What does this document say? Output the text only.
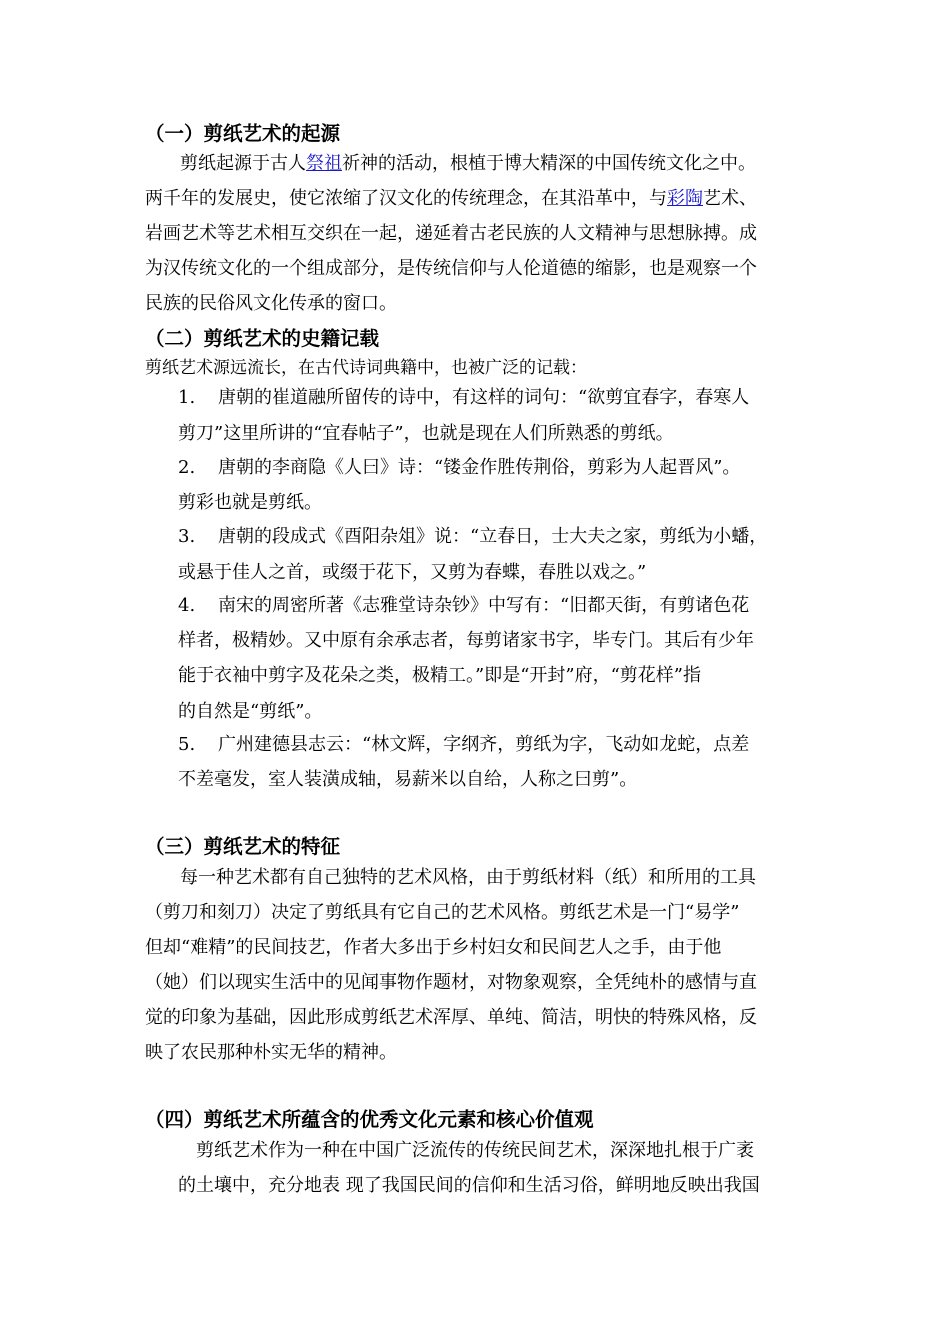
（一）剪纸艺术的起源
剪纸起源于古人祭祖祈神的活动，根植于博大精深的中国传统文化之中。
两千年的发展史，使它浓缩了汉文化的传统理念，在其沿革中，与彩陶艺术、
岩画艺术等艺术相互交织在一起，递延着古老民族的人文精神与思想脉搏。成
为汉传统文化的一个组成部分，是传统信仰与人伦道德的缩影，也是观察一个
民族的民俗风文化传承的窗口。
（二）剪纸艺术的史籍记载
剪纸艺术源远流长，在古代诗词典籍中，也被广泛的记载：
1. 唐朝的崔道融所留传的诗中，有这样的词句：“欲剪宜春字，春寒人
剪刀”这里所讲的“宜春帖子”，也就是现在人们所熟悉的剪纸。
2. 唐朝的李商隐《人曰》诗：“镂金作胜传荆俗，剪彩为人起晋风”。
剪彩也就是剪纸。
3. 唐朝的段成式《酉阳杂俎》说：“立春日，士大夫之家，剪纸为小蟠，
或悬于佳人之首，或缀于花下，又剪为春蝶，春胜以戏之。”
4. 南宋的周密所著《志雅堂诗杂钞》中写有：“旧都天街，有剪诸色花
样者，极精妙。又中原有余承志者，每剪诸家书字，毕专门。其后有少年
能于衣袖中剪字及花朵之类，极精工。”即是“开封”府，“剪花样”指
的自然是“剪纸”。
5. 广州建德县志云：“林文辉，字纲齐，剪纸为字，飞动如龙蛇，点差
不差毫发，室人装潢成轴，易薪米以自给，人称之曰剪”。
（三）剪纸艺术的特征
每一种艺术都有自己独特的艺术风格，由于剪纸材料（纸）和所用的工具
（剪刀和刻刀）决定了剪纸具有它自己的艺术风格。剪纸艺术是一门“易学”
但却“难精”的民间技艺，作者大多出于乡村妇女和民间艺人之手，由于他
（她）们以现实生活中的见闻事物作题材，对物象观察，全凭纯朴的感情与直
觉的印象为基础，因此形成剪纸艺术浑厚、单纯、简洁，明快的特殊风格，反
映了农民那种朴实无华的精神。
（四）剪纸艺术所蕴含的优秀文化元素和核心价值观
剪纸艺术作为一种在中国广泛流传的传统民间艺术，深深地扎根于广袤
的土壤中，充分地表 现了我国民间的信仰和生活习俗，鲜明地反映出我国
